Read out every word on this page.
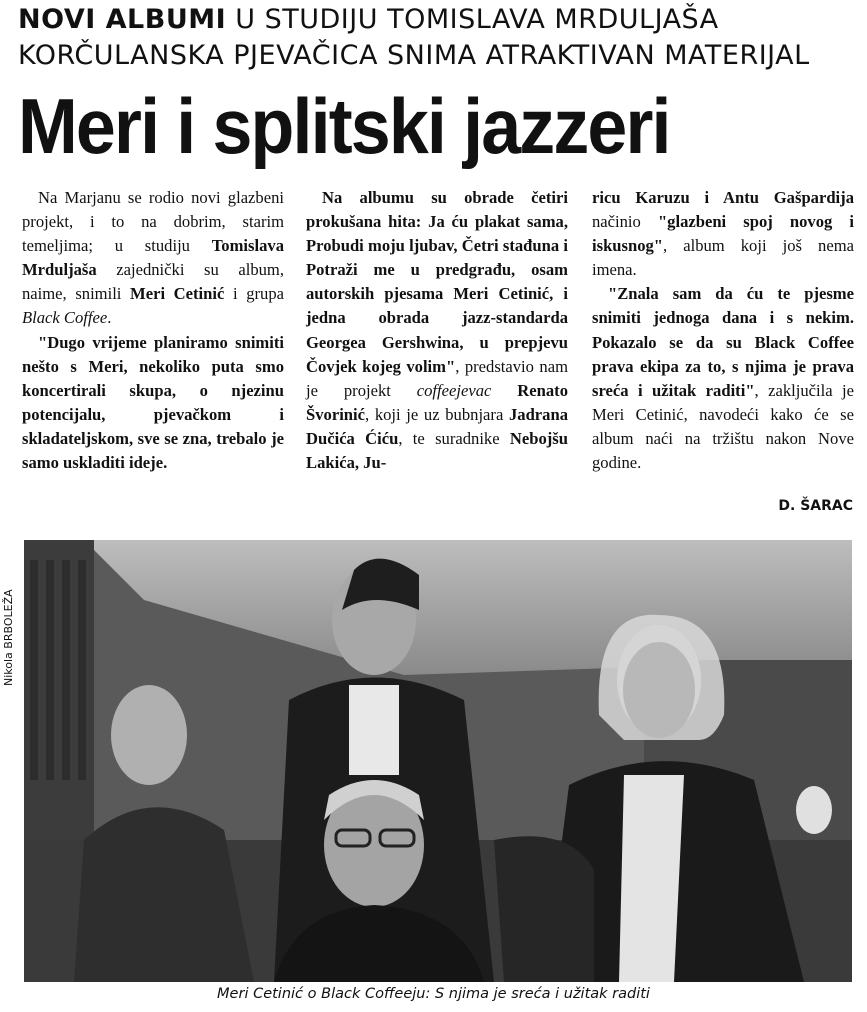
NOVI ALBUMI U STUDIJU TOMISLAVA MRDULJAŠA
KORČULANSKA PJEVAČICA SNIMA ATRAKTIVAN MATERIJAL
Meri i splitski jazzeri

Na Marjanu se rodio novi glazbeni projekt, i to na dobrim, starim temeljima; u studiju Tomislava Mrduljaša zajednički su album, naime, snimili Meri Cetinić i grupa Black Coffee.

"Dugo vrijeme planiramo snimiti nešto s Meri, nekoliko puta smo koncertirali skupa, o njezinu potencijalu, pjevačkom i skladateljskom, sve se zna, trebalo je samo uskladiti ideje.

Na albumu su obrade četiri prokušana hita: Ja ću plakat sama, Probudi moju ljubav, Četri stađuna i Potraži me u predgrađu, osam autorskih pjesama Meri Cetinić, i jedna obrada jazz-standarda Georgea Gershwina, u prepjevu Čovjek kojeg volim", predstavio nam je projekt coffeejevac Renato Švorinić, koji je uz bubnjara Jadrana Dučića Ćiću, te suradnike Nebojšu Lakića, Ju-

ricu Karuzu i Antu Gašpardija načinio "glazbeni spoj novog i iskusnog", album koji još nema imena.

"Znala sam da ću te pjesme snimiti jednoga dana i s nekim. Pokazalo se da su Black Coffee prava ekipa za to, s njima je prava sreća i užitak raditi", zaključila je Meri Cetinić, navodeći kako će se album naći na tržištu nakon Nove godine.

D. ŠARAC
Nikola BRBOLEŽA
Meri Cetinić o Black Coffeeju: S njima je sreća i užitak raditi
